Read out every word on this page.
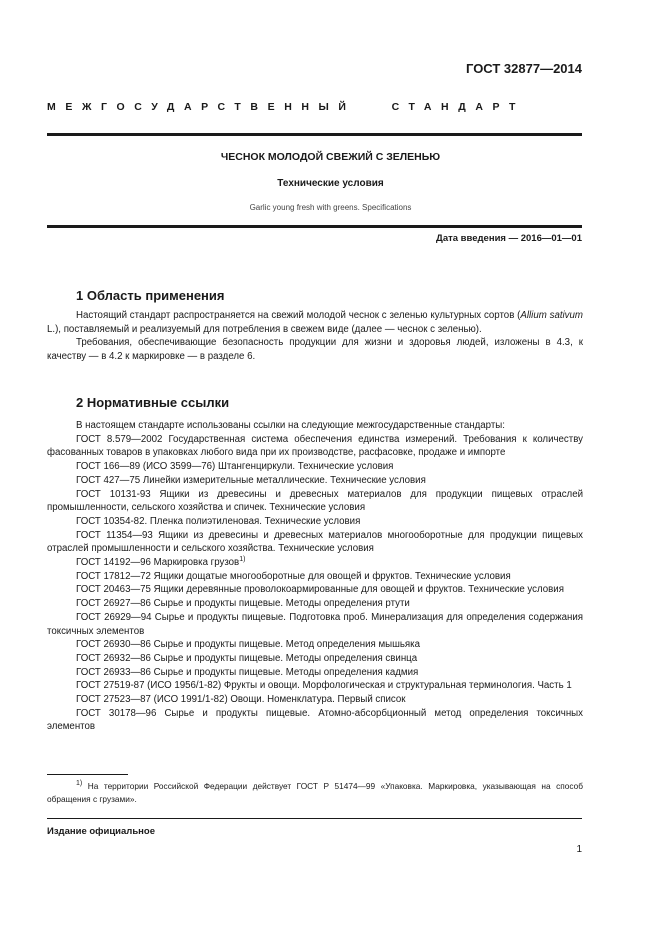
ГОСТ 32877—2014
МЕЖГОСУДАРСТВЕННЫЙ	СТАНДАРТ
ЧЕСНОК МОЛОДОЙ СВЕЖИЙ С ЗЕЛЕНЬЮ
Технические условия
Garlic young fresh with greens. Specifications
Дата введения — 2016—01—01
1 Область применения

Настоящий стандарт распространяется на свежий молодой чеснок с зеленью культурных сортов (Allium sativum L.), поставляемый и реализуемый для потребления в свежем виде (далее — чеснок с зеленью).

Требования, обеспечивающие безопасность продукции для жизни и здоровья людей, изложены в 4.3, к качеству — в 4.2 к маркировке — в разделе 6.

2 Нормативные ссылки

В настоящем стандарте использованы ссылки на следующие межгосударственные стандарты:

ГОСТ 8.579—2002 Государственная система обеспечения единства измерений. Требования к количеству фасованных товаров в упаковках любого вида при их производстве, расфасовке, продаже и импорте

ГОСТ 166—89 (ИСО 3599—76) Штангенциркули. Технические условия

ГОСТ 427—75 Линейки измерительные металлические. Технические условия

ГОСТ 10131-93 Ящики из древесины и древесных материалов для продукции пищевых отраслей промышленности, сельского хозяйства и спичек. Технические условия

ГОСТ 10354-82. Пленка полиэтиленовая. Технические условия

ГОСТ 11354—93 Ящики из древесины и древесных материалов многооборотные для продукции пищевых отраслей промышленности и сельского хозяйства. Технические условия

ГОСТ 14192—96 Маркировка грузов$^{1)}$

ГОСТ 17812—72 Ящики дощатые многооборотные для овощей и фруктов. Технические условия

ГОСТ 20463—75 Ящики деревянные проволокоармированные для овощей и фруктов. Технические условия

ГОСТ 26927—86 Сырье и продукты пищевые. Методы определения ртути

ГОСТ 26929—94 Сырье и продукты пищевые. Подготовка проб. Минерализация для определения содержания токсичных элементов

ГОСТ 26930—86 Сырье и продукты пищевые. Метод определения мышьяка

ГОСТ 26932—86 Сырье и продукты пищевые. Методы определения свинца

ГОСТ 26933—86 Сырье и продукты пищевые. Методы определения кадмия

ГОСТ 27519-87 (ИСО 1956/1-82) Фрукты и овощи. Морфологическая и структуральная терминология. Часть 1

ГОСТ 27523—87 (ИСО 1991/1-82) Овощи. Номенклатура. Первый список

ГОСТ 30178—96 Сырье и продукты пищевые. Атомно-абсорбционный метод определения токсичных элементов

$^{1)}$ На территории Российской Федерации действует ГОСТ Р 51474—99 «Упаковка. Маркировка, указывающая на способ обращения с грузами».

Издание официальное
1
